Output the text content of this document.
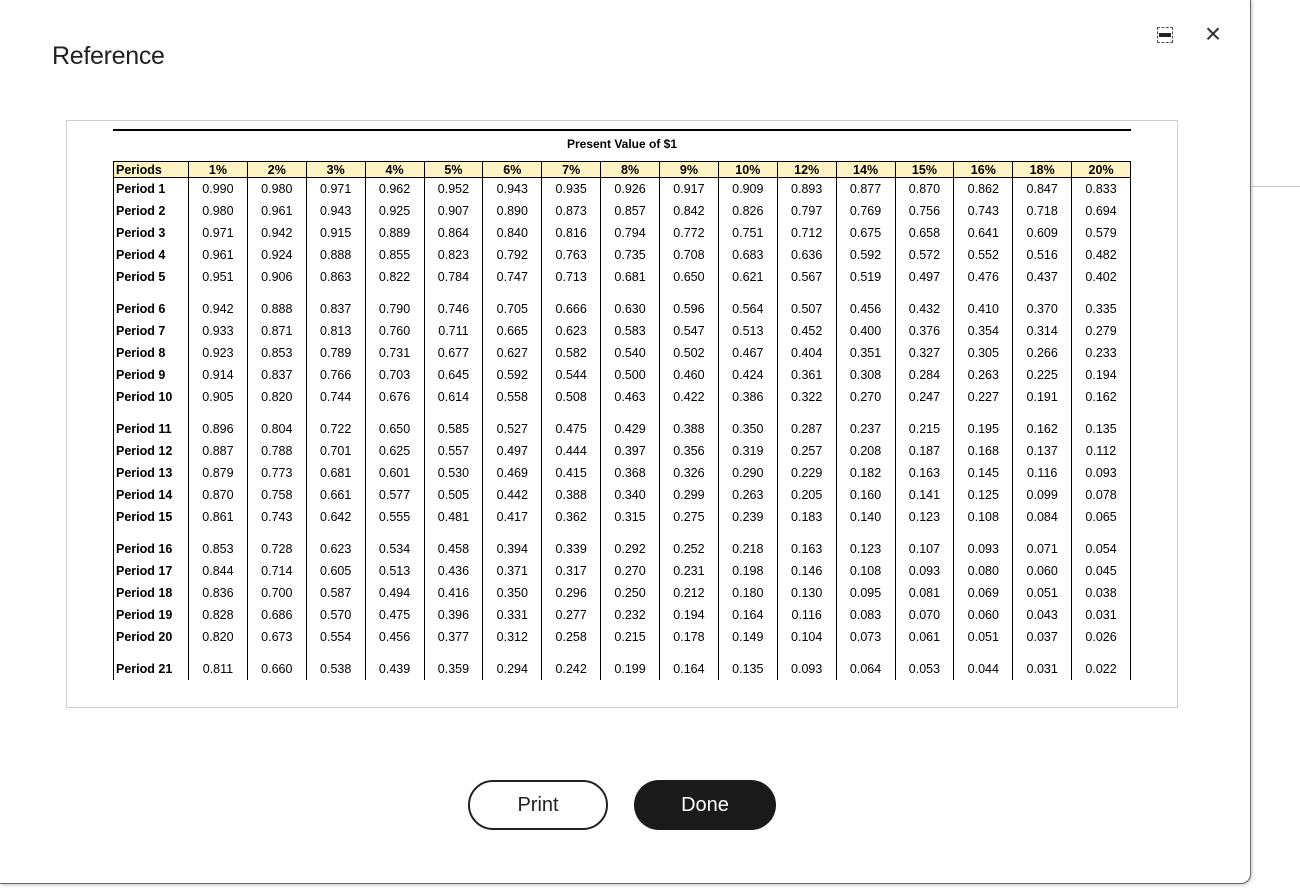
Reference
×
Present Value of $1
Periods	1%	2%	3%	4%	5%	6%	7%	8%	9%	10%	12%	14%	15%	16%	18%	20%
Period 1	0.990	0.980	0.971	0.962	0.952	0.943	0.935	0.926	0.917	0.909	0.893	0.877	0.870	0.862	0.847	0.833
Period 2	0.980	0.961	0.943	0.925	0.907	0.890	0.873	0.857	0.842	0.826	0.797	0.769	0.756	0.743	0.718	0.694
Period 3	0.971	0.942	0.915	0.889	0.864	0.840	0.816	0.794	0.772	0.751	0.712	0.675	0.658	0.641	0.609	0.579
Period 4	0.961	0.924	0.888	0.855	0.823	0.792	0.763	0.735	0.708	0.683	0.636	0.592	0.572	0.552	0.516	0.482
Period 5	0.951	0.906	0.863	0.822	0.784	0.747	0.713	0.681	0.650	0.621	0.567	0.519	0.497	0.476	0.437	0.402
Period 6	0.942	0.888	0.837	0.790	0.746	0.705	0.666	0.630	0.596	0.564	0.507	0.456	0.432	0.410	0.370	0.335
Period 7	0.933	0.871	0.813	0.760	0.711	0.665	0.623	0.583	0.547	0.513	0.452	0.400	0.376	0.354	0.314	0.279
Period 8	0.923	0.853	0.789	0.731	0.677	0.627	0.582	0.540	0.502	0.467	0.404	0.351	0.327	0.305	0.266	0.233
Period 9	0.914	0.837	0.766	0.703	0.645	0.592	0.544	0.500	0.460	0.424	0.361	0.308	0.284	0.263	0.225	0.194
Period 10	0.905	0.820	0.744	0.676	0.614	0.558	0.508	0.463	0.422	0.386	0.322	0.270	0.247	0.227	0.191	0.162
Period 11	0.896	0.804	0.722	0.650	0.585	0.527	0.475	0.429	0.388	0.350	0.287	0.237	0.215	0.195	0.162	0.135
Period 12	0.887	0.788	0.701	0.625	0.557	0.497	0.444	0.397	0.356	0.319	0.257	0.208	0.187	0.168	0.137	0.112
Period 13	0.879	0.773	0.681	0.601	0.530	0.469	0.415	0.368	0.326	0.290	0.229	0.182	0.163	0.145	0.116	0.093
Period 14	0.870	0.758	0.661	0.577	0.505	0.442	0.388	0.340	0.299	0.263	0.205	0.160	0.141	0.125	0.099	0.078
Period 15	0.861	0.743	0.642	0.555	0.481	0.417	0.362	0.315	0.275	0.239	0.183	0.140	0.123	0.108	0.084	0.065
Period 16	0.853	0.728	0.623	0.534	0.458	0.394	0.339	0.292	0.252	0.218	0.163	0.123	0.107	0.093	0.071	0.054
Period 17	0.844	0.714	0.605	0.513	0.436	0.371	0.317	0.270	0.231	0.198	0.146	0.108	0.093	0.080	0.060	0.045
Period 18	0.836	0.700	0.587	0.494	0.416	0.350	0.296	0.250	0.212	0.180	0.130	0.095	0.081	0.069	0.051	0.038
Period 19	0.828	0.686	0.570	0.475	0.396	0.331	0.277	0.232	0.194	0.164	0.116	0.083	0.070	0.060	0.043	0.031
Period 20	0.820	0.673	0.554	0.456	0.377	0.312	0.258	0.215	0.178	0.149	0.104	0.073	0.061	0.051	0.037	0.026
Period 21	0.811	0.660	0.538	0.439	0.359	0.294	0.242	0.199	0.164	0.135	0.093	0.064	0.053	0.044	0.031	0.022
Print	Done
